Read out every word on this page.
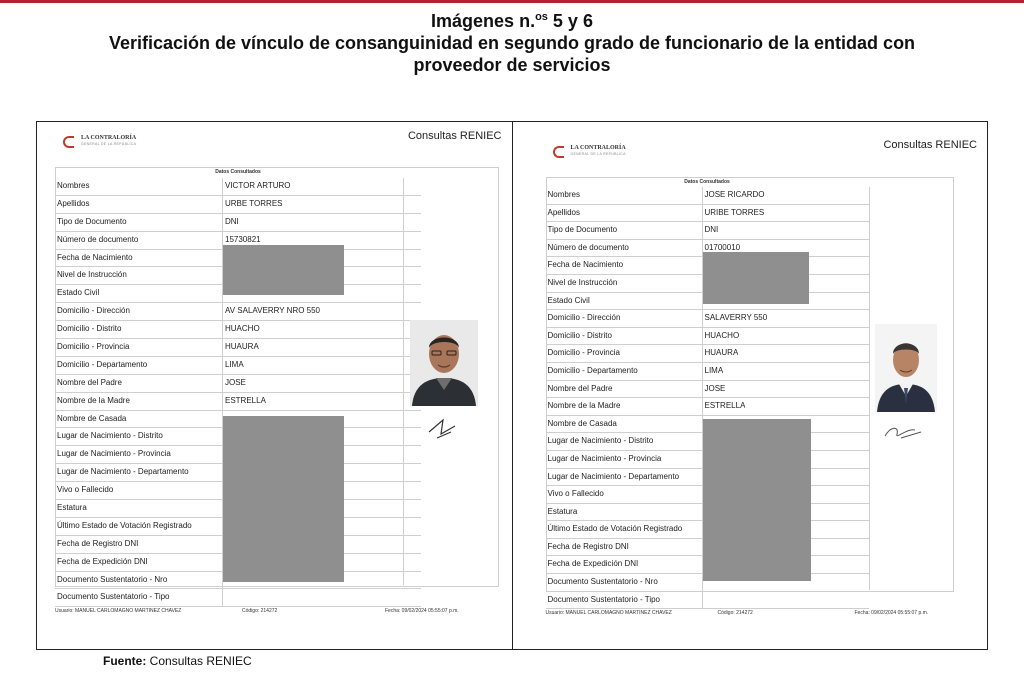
Imágenes n.$^{os}$ 5 y 6
Verificación de vínculo de consanguinidad en segundo grado de funcionario de la entidad con
proveedor de servicios
LA CONTRALORÍA
GENERAL DE LA REPÚBLICA
Consultas RENIEC
Datos Consultados
Nombres	VICTOR ARTURO
Apellidos	URBE TORRES
Tipo de Documento	DNI
Número de documento	15730821
Fecha de Nacimiento
Nivel de Instrucción
Estado Civil
Domicilio - Dirección	AV SALAVERRY NRO 550
Domicilio - Distrito	HUACHO
Domicilio - Provincia	HUAURA
Domicilio - Departamento	LIMA
Nombre del Padre	JOSE
Nombre de la Madre	ESTRELLA
Nombre de Casada
Lugar de Nacimiento - Distrito
Lugar de Nacimiento - Provincia
Lugar de Nacimiento - Departamento
Vivo o Fallecido
Estatura
Último Estado de Votación Registrado
Fecha de Registro DNI
Fecha de Expedición DNI
Documento Sustentatorio - Nro
Documento Sustentatorio - Tipo
Usuario: MANUEL CARLOMAGNO MARTINEZ CHAVEZ	Código: 214272	Fecha: 09/02/2024 05:55:07 p.m.
LA CONTRALORÍA
GENERAL DE LA REPÚBLICA
Consultas RENIEC
Datos Consultados
Nombres	JOSE RICARDO
Apellidos	URIBE TORRES
Tipo de Documento	DNI
Número de documento	01700010
Fecha de Nacimiento
Nivel de Instrucción
Estado Civil
Domicilio - Dirección	SALAVERRY 550
Domicilio - Distrito	HUACHO
Domicilio - Provincia	HUAURA
Domicilio - Departamento	LIMA
Nombre del Padre	JOSE
Nombre de la Madre	ESTRELLA
Nombre de Casada
Lugar de Nacimiento - Distrito
Lugar de Nacimiento - Provincia
Lugar de Nacimiento - Departamento
Vivo o Fallecido
Estatura
Último Estado de Votación Registrado
Fecha de Registro DNI
Fecha de Expedición DNI
Documento Sustentatorio - Nro
Documento Sustentatorio - Tipo
Usuario: MANUEL CARLOMAGNO MARTINEZ CHAVEZ	Código: 214272	Fecha: 09/02/2024 05:55:07 p.m.
Fuente: Consultas RENIEC
